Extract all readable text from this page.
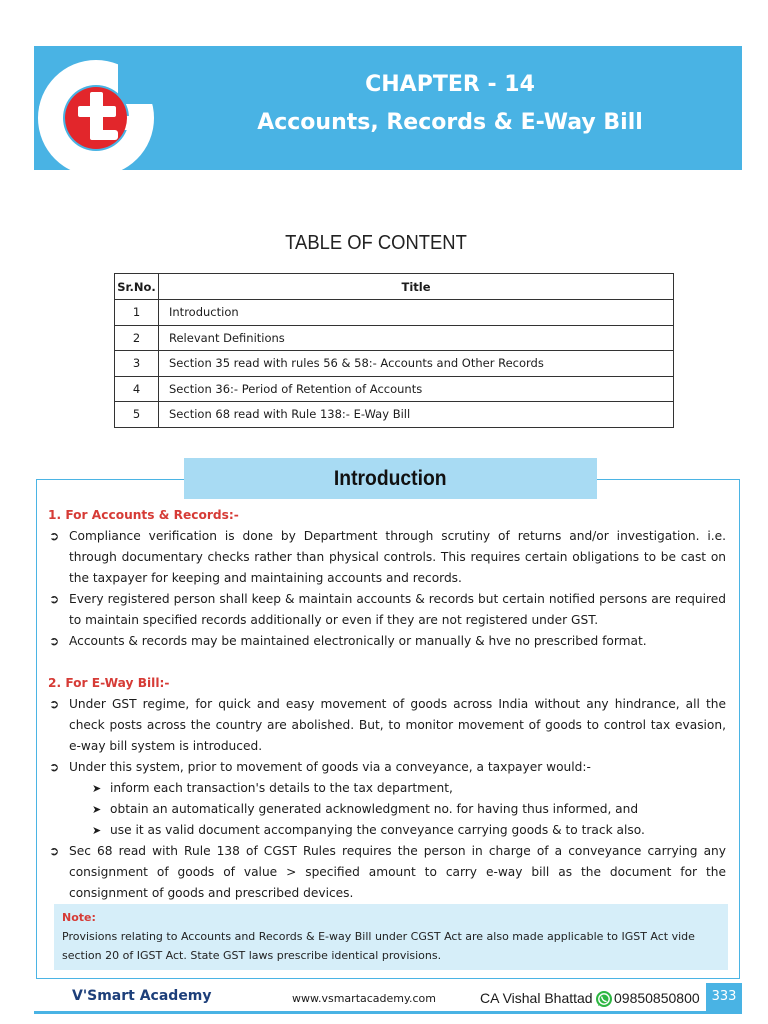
CHAPTER - 14
Accounts, Records & E-Way Bill
TABLE OF CONTENT
Sr.No.	Title
1	Introduction
2	Relevant Definitions
3	Section 35 read with rules 56 & 58:- Accounts and Other Records
4	Section 36:- Period of Retention of Accounts
5	Section 68 read with Rule 138:- E-Way Bill
Introduction
1. For Accounts & Records:-
➲ Compliance verification is done by Department through scrutiny of returns and/or investigation. i.e. through documentary checks rather than physical controls. This requires certain obligations to be cast on the taxpayer for keeping and maintaining accounts and records.
➲ Every registered person shall keep & maintain accounts & records but certain notified persons are required to maintain specified records additionally or even if they are not registered under GST.
➲ Accounts & records may be maintained electronically or manually & hve no prescribed format.
2. For E-Way Bill:-
➲ Under GST regime, for quick and easy movement of goods across India without any hindrance, all the check posts across the country are abolished. But, to monitor movement of goods to control tax evasion, e-way bill system is introduced.
➲ Under this system, prior to movement of goods via a conveyance, a taxpayer would:-
➤ inform each transaction's details to the tax department,
➤ obtain an automatically generated acknowledgment no. for having thus informed, and
➤ use it as valid document accompanying the conveyance carrying goods & to track also.
➲ Sec 68 read with Rule 138 of CGST Rules requires the person in charge of a conveyance carrying any consignment of goods of value > specified amount to carry e-way bill as the document for the consignment of goods and prescribed devices.
Note:
Provisions relating to Accounts and Records & E-way Bill under CGST Act are also made applicable to IGST Act vide section 20 of IGST Act. State GST laws prescribe identical provisions.
V'Smart Academy	www.vsmartacademy.com	CA Vishal Bhattad 09850850800 333
